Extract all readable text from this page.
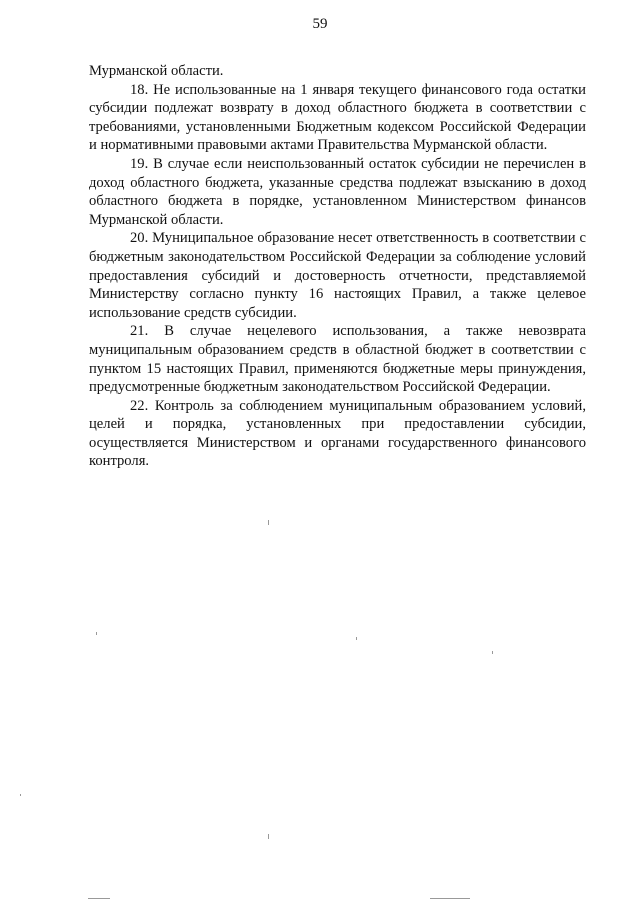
59

Мурманской области.

18. Не использованные на 1 января текущего финансового года остатки субсидии подлежат возврату в доход областного бюджета в соответствии с требованиями, установленными Бюджетным кодексом Российской Федерации и нормативными правовыми актами Правительства Мурманской области.

19. В случае если неиспользованный остаток субсидии не перечислен в доход областного бюджета, указанные средства подлежат взысканию в доход областного бюджета в порядке, установленном Министерством финансов Мурманской области.

20. Муниципальное образование несет ответственность в соответствии с бюджетным законодательством Российской Федерации за соблюдение условий предоставления субсидий и достоверность отчетности, представляемой Министерству согласно пункту 16 настоящих Правил, а также целевое использование средств субсидии.

21. В случае нецелевого использования, а также невозврата муниципальным образованием средств в областной бюджет в соответствии с пунктом 15 настоящих Правил, применяются бюджетные меры принуждения, предусмотренные бюджетным законодательством Российской Федерации.

22. Контроль за соблюдением муниципальным образованием условий, целей и порядка, установленных при предоставлении субсидии, осуществляется Министерством и органами государственного финансового контроля.
